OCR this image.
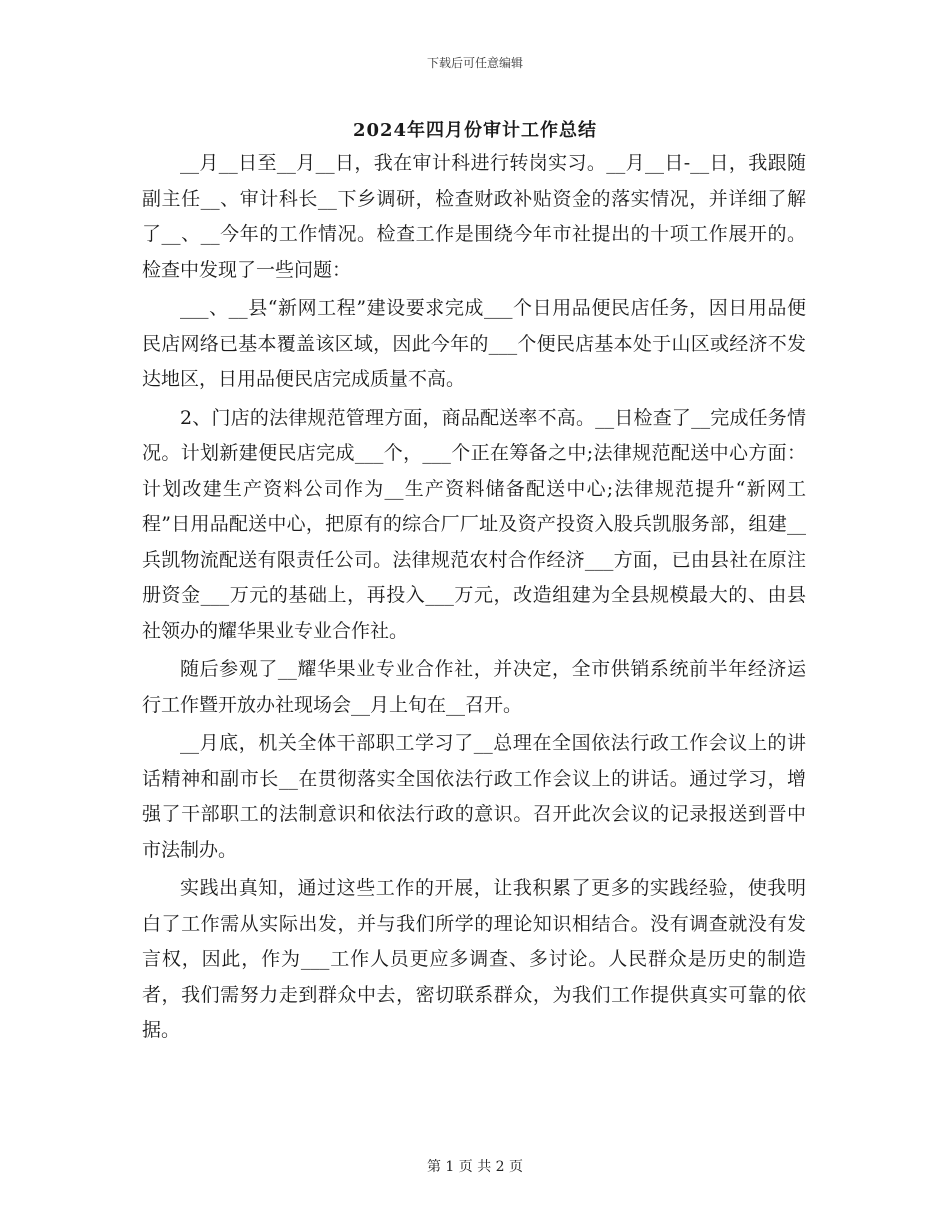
下载后可任意编辑
2024年四月份审计工作总结

__月__日至__月__日，我在审计科进行转岗实习。__月__日-__日，我跟随副主任__、审计科长__下乡调研，检查财政补贴资金的落实情况，并详细了解了__、__今年的工作情况。检查工作是围绕今年市社提出的十项工作展开的。检查中发现了一些问题：

___、__县“新网工程”建设要求完成___个日用品便民店任务，因日用品便民店网络已基本覆盖该区域，因此今年的___个便民店基本处于山区或经济不发达地区，日用品便民店完成质量不高。

2、门店的法律规范管理方面，商品配送率不高。__日检查了__完成任务情况。计划新建便民店完成___个，___个正在筹备之中;法律规范配送中心方面：计划改建生产资料公司作为__生产资料储备配送中心;法律规范提升“新网工程”日用品配送中心，把原有的综合厂厂址及资产投资入股兵凯服务部，组建__兵凯物流配送有限责任公司。法律规范农村合作经济___方面，已由县社在原注册资金___万元的基础上，再投入___万元，改造组建为全县规模最大的、由县社领办的耀华果业专业合作社。

随后参观了__耀华果业专业合作社，并决定，全市供销系统前半年经济运行工作暨开放办社现场会__月上旬在__召开。

__月底，机关全体干部职工学习了__总理在全国依法行政工作会议上的讲话精神和副市长__在贯彻落实全国依法行政工作会议上的讲话。通过学习，增强了干部职工的法制意识和依法行政的意识。召开此次会议的记录报送到晋中市法制办。

实践出真知，通过这些工作的开展，让我积累了更多的实践经验，使我明白了工作需从实际出发，并与我们所学的理论知识相结合。没有调查就没有发言权，因此，作为___工作人员更应多调查、多讨论。人民群众是历史的制造者，我们需努力走到群众中去，密切联系群众，为我们工作提供真实可靠的依据。

第 1 页 共 2 页
